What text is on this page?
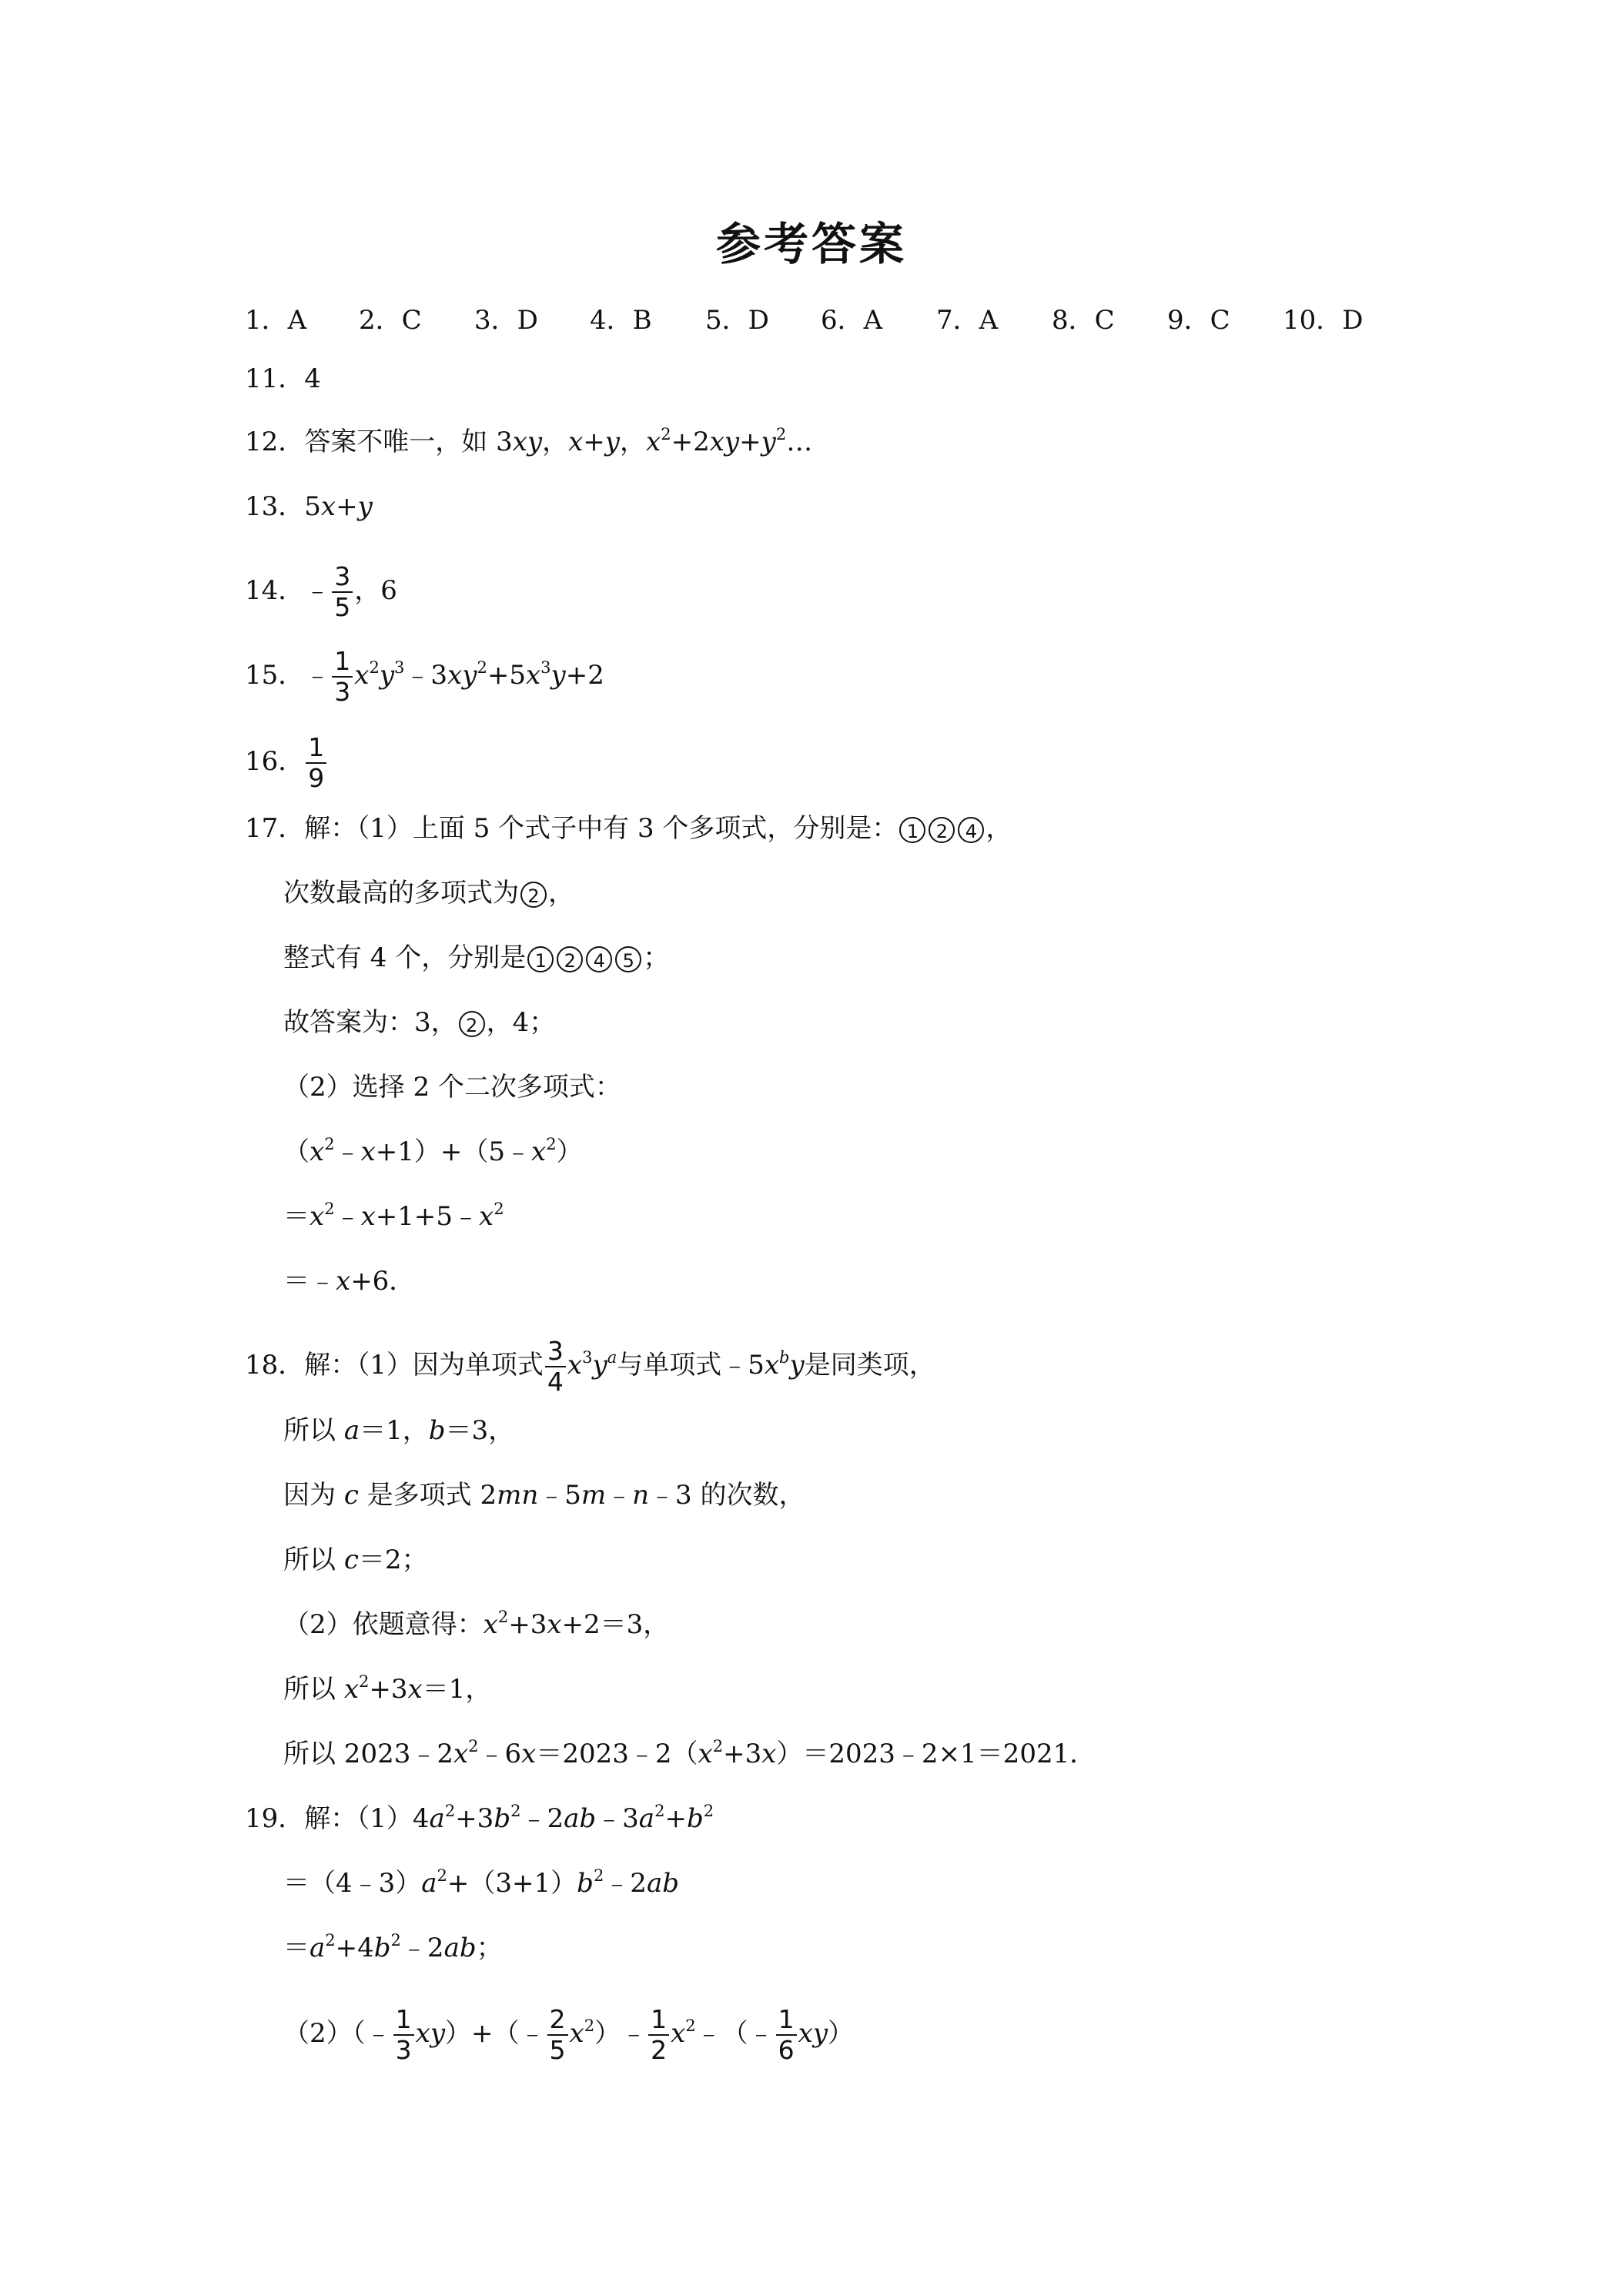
参考答案
1．A 2．C 3．D 4．B 5．D 6．A 7．A 8．C 9．C 10．D
11．4
12．答案不唯一，如 3xy，x+y，$x^2+2xy+y^2\dots$
13．5x+y
14．﹣ $\frac{3}{5}$ ，6
15．﹣ $\frac{1}{3}$ $x^2y^3﹣3xy^2+5x^3y+2$
16． $\frac{1}{9}$
17．解：（1）上面 5 个式子中有 3 个多项式，分别是： 1 2 4 ，
次数最高的多项式为 2 ，
整式有 4 个，分别是 1 2 4 5 ；
故答案为：3， 2 ，4；
（2）选择 2 个二次多项式：
$(x^2﹣x+1)+(5﹣x^2)$
$=x^2﹣x+1+5﹣x^2$
＝﹣x+6．
18．解：（1）因为单项式 $\frac{3}{4} x^3y^a$与单项式$﹣5x^by$是同类项，
所以 a＝1，b＝3，
因为 c 是多项式 2mn﹣5m﹣n﹣3 的次数，
所以 c＝2；
（2）依题意得：$x^2+3x+2=3$，
所以 $x^2+3x=1$，
所以 $2023﹣2x^2﹣6x=2023﹣2(x^2+3x)=2023﹣2\times 1=2021$．
19．解：$(1)4a^2+3b^2﹣2ab﹣3a^2+b^2$
$=(4﹣3)a^2+(3+1)b^2﹣2ab$
$=a^2+4b^2﹣2ab$；
（2）（﹣ $\frac{1}{3}$ xy）+（﹣ $\frac{2}{5}$ $x^2)﹣ \frac{1}{2}$ $x^2﹣(﹣ \frac{1}{6} xy)$
